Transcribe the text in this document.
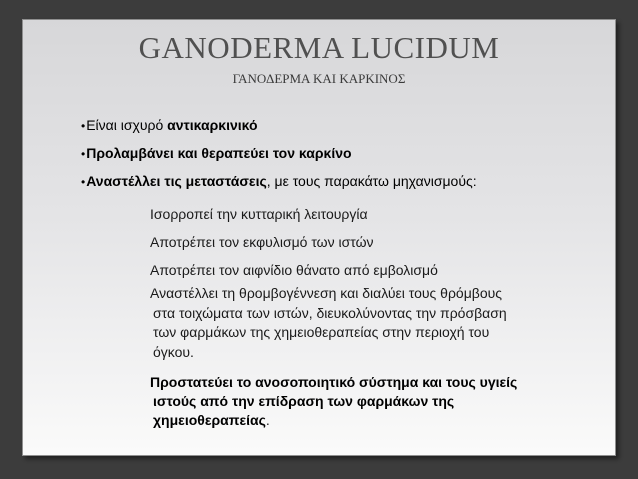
GANODERMA LUCIDUM
ΓΑΝΟΔΕΡΜΑ ΚΑΙ ΚΑΡΚΙΝΟΣ
•Είναι ισχυρό αντικαρκινικό
•Προλαμβάνει και θεραπεύει τον καρκίνο
•Αναστέλλει τις μεταστάσεις, με τους παρακάτω μηχανισμούς:
Ισορροπεί την κυτταρική λειτουργία
Αποτρέπει τον εκφυλισμό των ιστών
Αποτρέπει τον αιφνίδιο θάνατο από εμβολισμό
Αναστέλλει τη θρομβογέννεση και διαλύει τους θρόμβους
στα τοιχώματα των ιστών, διευκολύνοντας την πρόσβαση
των φαρμάκων της χημειοθεραπείας στην περιοχή του
όγκου.
Προστατεύει το ανοσοποιητικό σύστημα και τους υγιείς
ιστούς από την επίδραση των φαρμάκων της
χημειοθεραπείας.
